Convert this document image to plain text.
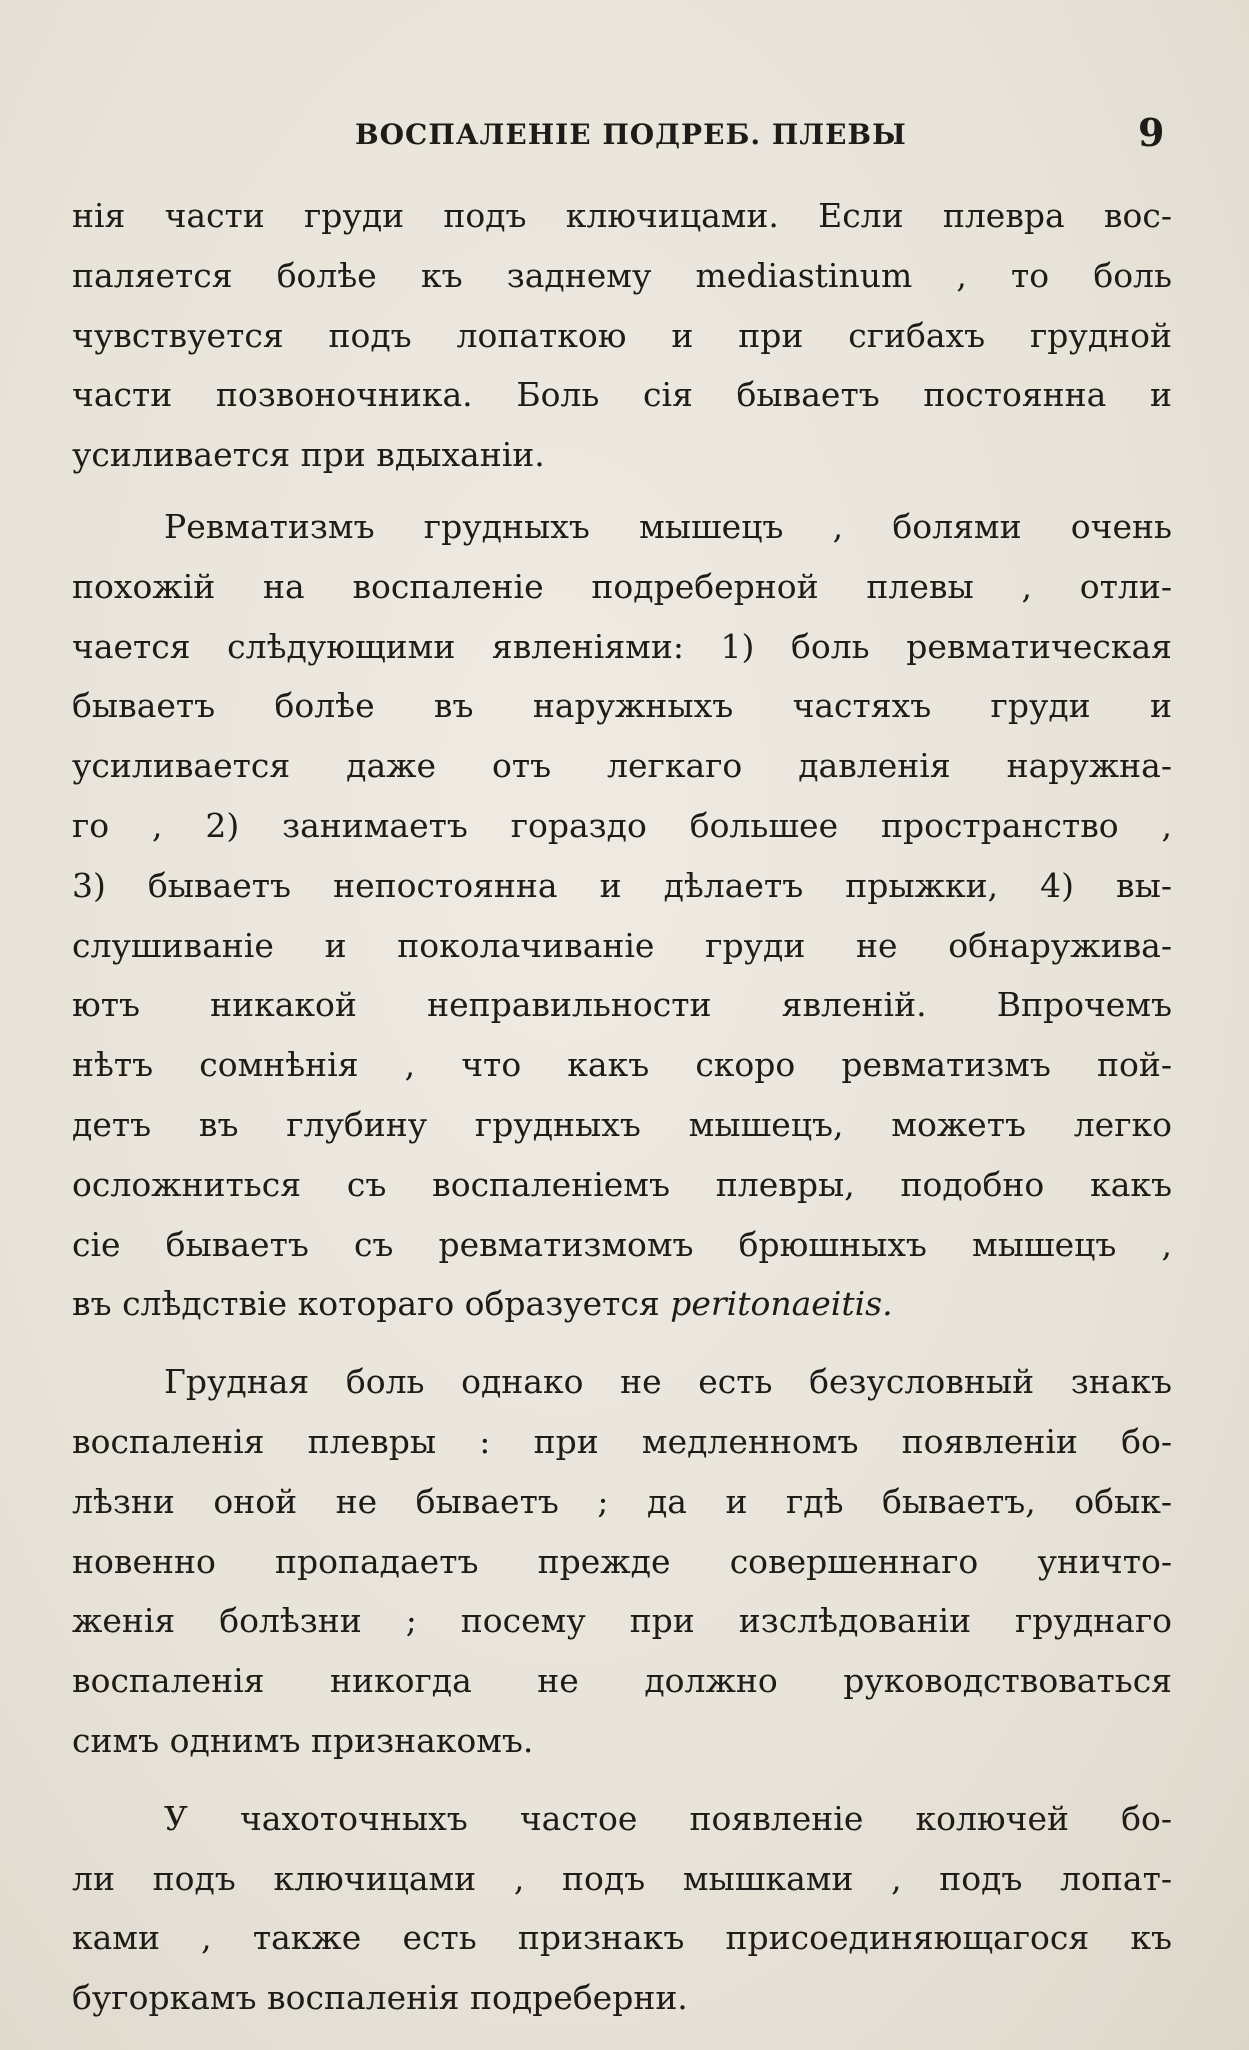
ВОСПАЛЕНІЕ ПОДРЕБ. ПЛЕВЫ	9
нія части груди подъ ключицами. Если плевра вос-
паляется болѣе къ заднему mediastinum , то боль
чувствуется подъ лопаткою и при сгибахъ грудной
части позвоночника. Боль сія бываетъ постоянна и
усиливается при вдыханіи.
Ревматизмъ грудныхъ мышецъ , болями очень
похожій на воспаленіе подреберной плевы , отли-
чается слѣдующими явленіями: 1) боль ревматическая
бываетъ болѣе въ наружныхъ частяхъ груди и
усиливается даже отъ легкаго давленія наружна-
го , 2) занимаетъ гораздо большее пространство ,
3) бываетъ непостоянна и дѣлаетъ прыжки, 4) вы-
слушиваніе и поколачиваніе груди не обнаружива-
ютъ никакой неправильности явленій. Впрочемъ
нѣтъ сомнѣнія , что какъ скоро ревматизмъ пой-
детъ въ глубину грудныхъ мышецъ, можетъ легко
осложниться съ воспаленіемъ плевры, подобно какъ
сіе бываетъ съ ревматизмомъ брюшныхъ мышецъ ,
въ слѣдствіе котораго образуется peritonaeitis.
Грудная боль однако не есть безусловный знакъ
воспаленія плевры : при медленномъ появленіи бо-
лѣзни оной не бываетъ ; да и гдѣ бываетъ, обык-
новенно пропадаетъ прежде совершеннаго уничто-
женія болѣзни ; посему при изслѣдованіи груднаго
воспаленія никогда не должно руководствоваться
симъ однимъ признакомъ.
У чахоточныхъ частое появленіе колючей бо-
ли подъ ключицами , подъ мышками , подъ лопат-
ками , также есть признакъ присоединяющагося къ
бугоркамъ воспаленія подреберни.
